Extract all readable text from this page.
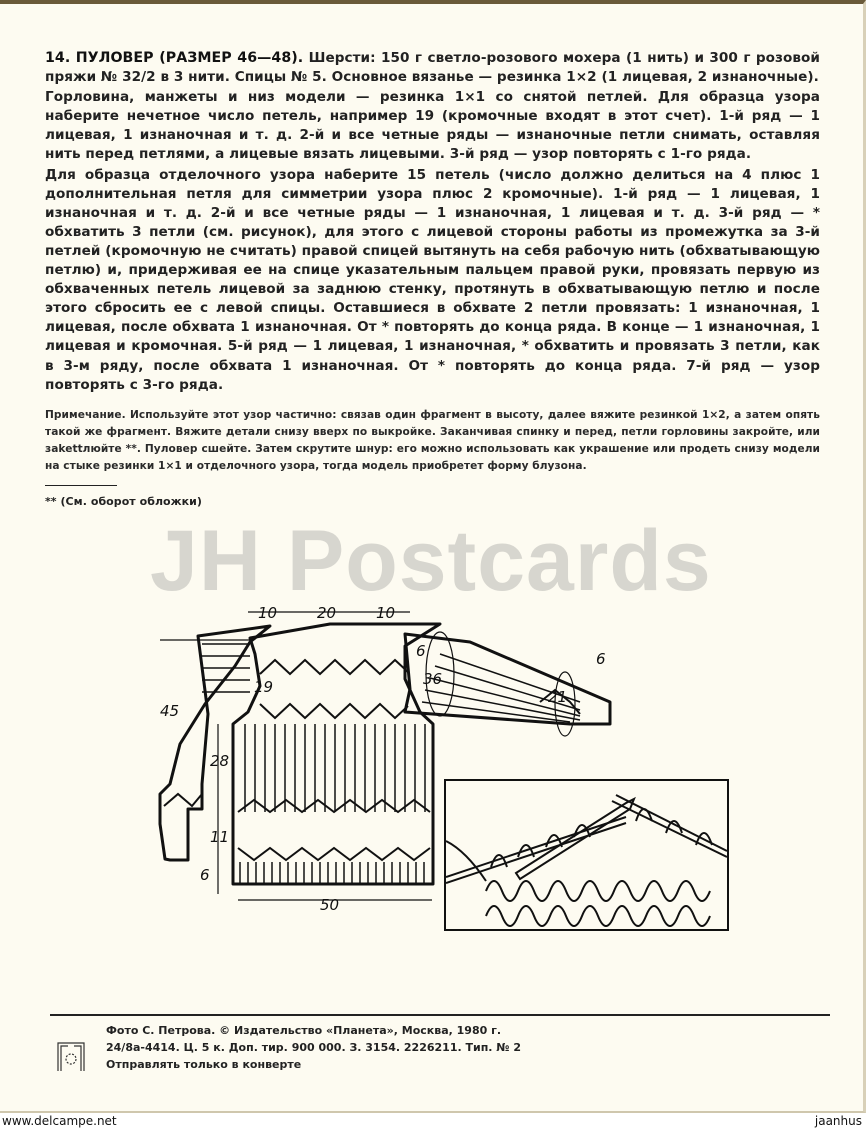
14. ПУЛОВЕР (РАЗМЕР 46—48). Шерсти: 150 г светло-розового мохера (1 нить) и 300 г розовой пряжи № 32/2 в 3 нити. Спицы № 5. Основное вязанье — резинка 1×2 (1 лицевая, 2 изнаночные).

Горловина, манжеты и низ модели — резинка 1×1 со снятой петлей. Для образца узора наберите нечетное число петель, например 19 (кромочные входят в этот счет). 1-й ряд — 1 лицевая, 1 изнаночная и т. д. 2-й и все четные ряды — изнаночные петли снимать, оставляя нить перед петлями, а лицевые вязать лицевыми. 3-й ряд — узор повторять с 1-го ряда.

Для образца отделочного узора наберите 15 петель (число должно делиться на 4 плюс 1 дополнительная петля для симметрии узора плюс 2 кромочные). 1-й ряд — 1 лицевая, 1 изнаночная и т. д. 2-й и все четные ряды — 1 изнаночная, 1 лицевая и т. д. 3-й ряд — * обхватить 3 петли (см. рисунок), для этого с лицевой стороны работы из промежутка за 3-й петлей (кромочную не считать) правой спицей вытянуть на себя рабочую нить (обхватывающую петлю) и, придерживая ее на спице указательным пальцем правой руки, провязать первую из обхваченных петель лицевой за заднюю стенку, протянуть в обхватывающую петлю и после этого сбросить ее с левой спицы. Оставшиеся в обхвате 2 петли провязать: 1 изнаночная, 1 лицевая, после обхвата 1 изнаночная. От * повторять до конца ряда. В конце — 1 изнаночная, 1 лицевая и кромочная. 5-й ряд — 1 лицевая, 1 изнаночная, * обхватить и провязать 3 петли, как в 3-м ряду, после обхвата 1 изнаночная. От * повторять до конца ряда. 7-й ряд — узор повторять с 3-го ряда.

Примечание. Используйте этот узор частично: связав один фрагмент в высоту, далее вяжите резинкой 1×2, а затем опять такой же фрагмент. Вяжите детали снизу вверх по выкройке. Заканчивая спинку и перед, петли горловины закройте, или заkettлюйте **. Пуловер сшейте. Затем скрутите шнур: его можно использовать как украшение или продеть снизу модели на стыке резинки 1×1 и отделочного узора, тогда модель приобретет форму блузона.

** (См. оборот обложки)
10	20	10
6
45
19	36
21
6
28
11
6
50
JH Postcards
Фото С. Петрова. © Издательство «Планета», Москва, 1980 г.
24/8а-4414. Ц. 5 к. Доп. тир. 900 000. З. 3154. 2226211. Тип. № 2
Отправлять только в конверте
www.delcampe.net	jaanhus
